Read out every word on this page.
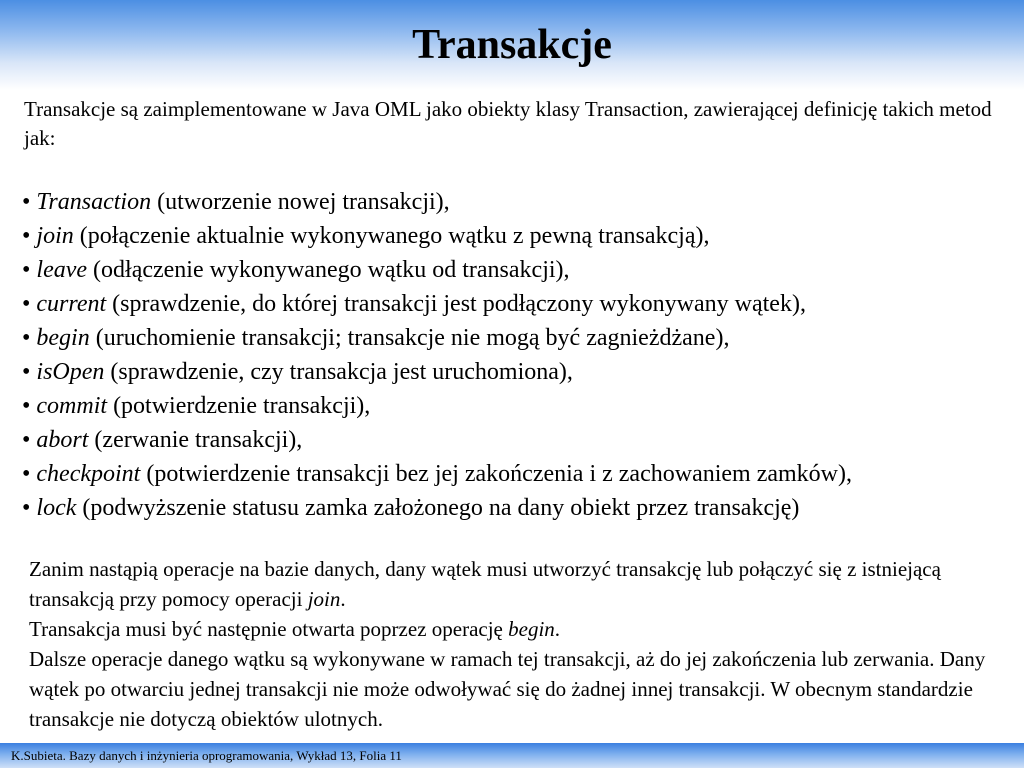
Transakcje

Transakcje są zaimplementowane w Java OML jako obiekty klasy Transaction, zawierającej definicję takich metod jak:

• Transaction (utworzenie nowej transakcji),
• join (połączenie aktualnie wykonywanego wątku z pewną transakcją),
• leave (odłączenie wykonywanego wątku od transakcji),
• current (sprawdzenie, do której transakcji jest podłączony wykonywany wątek),
• begin (uruchomienie transakcji; transakcje nie mogą być zagnieżdżane),
• isOpen (sprawdzenie, czy transakcja jest uruchomiona),
• commit (potwierdzenie transakcji),
• abort (zerwanie transakcji),
• checkpoint (potwierdzenie transakcji bez jej zakończenia i z zachowaniem zamków),
• lock (podwyższenie statusu zamka założonego na dany obiekt przez transakcję)

Zanim nastąpią operacje na bazie danych, dany wątek musi utworzyć transakcję lub połączyć się z istniejącą transakcją przy pomocy operacji join.

Transakcja musi być następnie otwarta poprzez operację begin.

Dalsze operacje danego wątku są wykonywane w ramach tej transakcji, aż do jej zakończenia lub zerwania. Dany wątek po otwarciu jednej transakcji nie może odwoływać się do żadnej innej transakcji. W obecnym standardzie transakcje nie dotyczą obiektów ulotnych.

K.Subieta. Bazy danych i inżynieria oprogramowania, Wykład 13, Folia 11
